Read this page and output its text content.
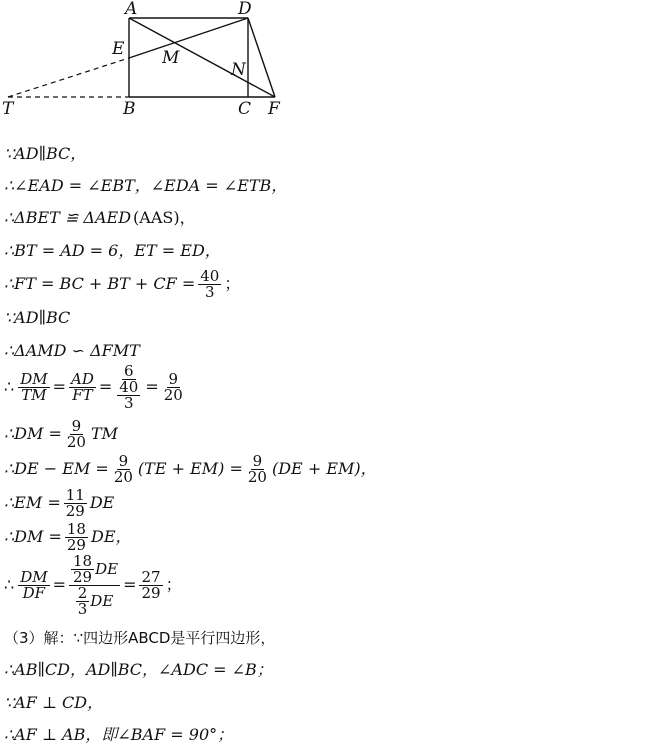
A	D
E M
N
T	B	C F
∵AD∥BC，
∴∠EAD = ∠EBT，∠EDA = ∠ETB，
∴ΔBET ≌ ΔAED (AAS)，
∴BT = AD = 6，ET = ED，
∴FT = BC + BT + CF = $\frac{40}{3}$ ；
∵AD∥BC
∴ΔAMD ∽ ΔFMT
∴ $\frac{DM}{TM} = \frac{AD}{FT} = \frac{6}{\frac{40}{3}} = \frac{9}{20}$
∴DM = $\frac{9}{20}$ TM
∴DE − EM = $\frac{9}{20} (TE + EM) = \frac{9}{20} (DE + EM)$，
∴EM = $\frac{11}{29}$ DE
∴DM = $\frac{18}{29}$ DE，
∴ $\frac{DM}{DF} = \frac{\frac{18}{29} DE}{\frac{2}{3} DE} = \frac{27}{29}$ ；
（3）解：∵四边形ABCD是平行四边形，
∴AB∥CD，AD∥BC，∠ADC = ∠B；
∵AF ⊥ CD，
∴AF ⊥ AB，即∠BAF = 90°；
